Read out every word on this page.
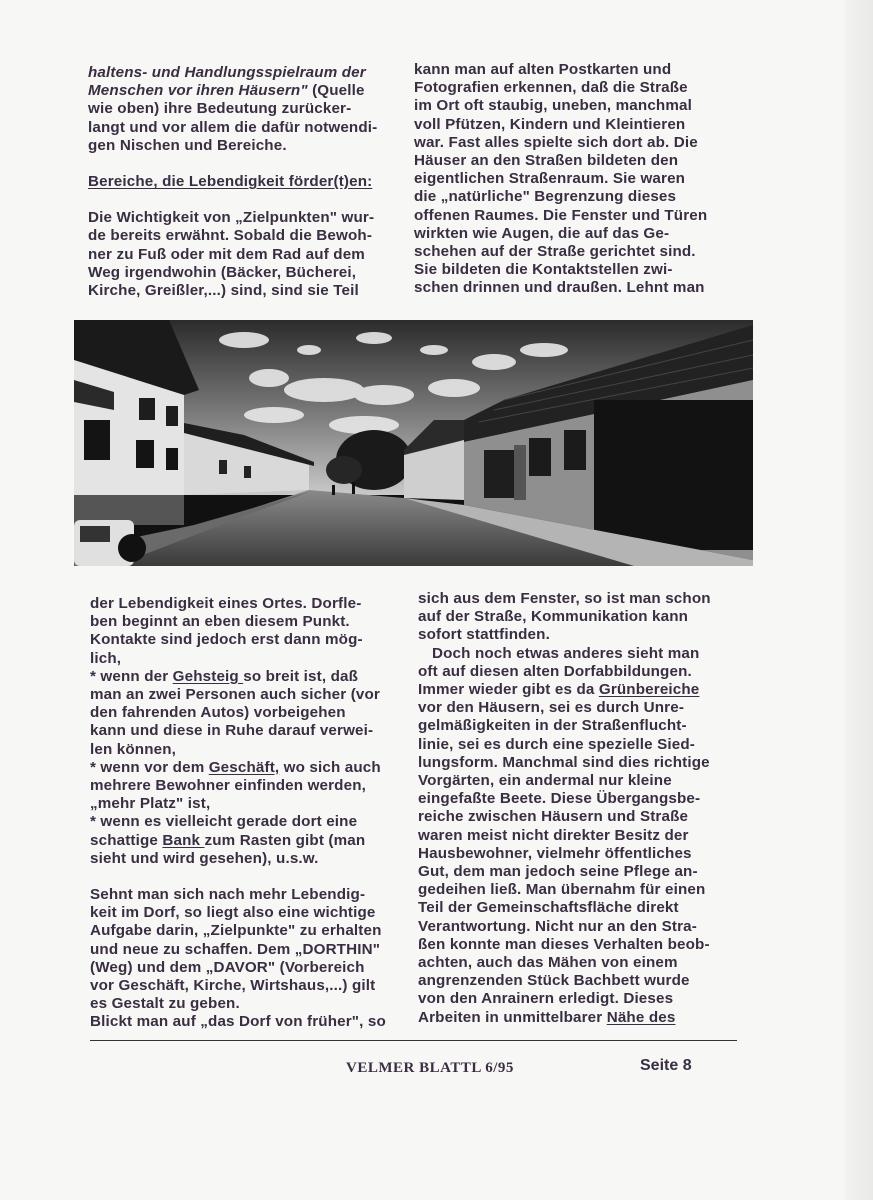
haltens- und Handlungsspielraum der
Menschen vor ihren Häusern" (Quelle
wie oben) ihre Bedeutung zurücker-
langt und vor allem die dafür notwendi-
gen Nischen und Bereiche.
Bereiche, die Lebendigkeit förder(t)en:
Die Wichtigkeit von „Zielpunkten" wur-
de bereits erwähnt. Sobald die Bewoh-
ner zu Fuß oder mit dem Rad auf dem
Weg irgendwohin (Bäcker, Bücherei,
Kirche, Greißler,...) sind, sind sie Teil
kann man auf alten Postkarten und
Fotografien erkennen, daß die Straße
im Ort oft staubig, uneben, manchmal
voll Pfützen, Kindern und Kleintieren
war. Fast alles spielte sich dort ab. Die
Häuser an den Straßen bildeten den
eigentlichen Straßenraum. Sie waren
die „natürliche" Begrenzung dieses
offenen Raumes. Die Fenster und Türen
wirkten wie Augen, die auf das Ge-
schehen auf der Straße gerichtet sind.
Sie bildeten die Kontaktstellen zwi-
schen drinnen und draußen. Lehnt man
der Lebendigkeit eines Ortes. Dorfle-
ben beginnt an eben diesem Punkt.
Kontakte sind jedoch erst dann mög-
lich,
* wenn der Gehsteig so breit ist, daß
man an zwei Personen auch sicher (vor
den fahrenden Autos) vorbeigehen
kann und diese in Ruhe darauf verwei-
len können,
* wenn vor dem Geschäft, wo sich auch
mehrere Bewohner einfinden werden,
„mehr Platz" ist,
* wenn es vielleicht gerade dort eine
schattige Bank zum Rasten gibt (man
sieht und wird gesehen), u.s.w.
Sehnt man sich nach mehr Lebendig-
keit im Dorf, so liegt also eine wichtige
Aufgabe darin, „Zielpunkte" zu erhalten
und neue zu schaffen. Dem „DORTHIN"
(Weg) und dem „DAVOR" (Vorbereich
vor Geschäft, Kirche, Wirtshaus,...) gilt
es Gestalt zu geben.
Blickt man auf „das Dorf von früher", so
sich aus dem Fenster, so ist man schon
auf der Straße, Kommunikation kann
sofort stattfinden.
Doch noch etwas anderes sieht man
oft auf diesen alten Dorfabbildungen.
Immer wieder gibt es da Grünbereiche
vor den Häusern, sei es durch Unre-
gelmäßigkeiten in der Straßenflucht-
linie, sei es durch eine spezielle Sied-
lungsform. Manchmal sind dies richtige
Vorgärten, ein andermal nur kleine
eingefaßte Beete. Diese Übergangsbe-
reiche zwischen Häusern und Straße
waren meist nicht direkter Besitz der
Hausbewohner, vielmehr öffentliches
Gut, dem man jedoch seine Pflege an-
gedeihen ließ. Man übernahm für einen
Teil der Gemeinschaftsfläche direkt
Verantwortung. Nicht nur an den Stra-
ßen konnte man dieses Verhalten beob-
achten, auch das Mähen von einem
angrenzenden Stück Bachbett wurde
von den Anrainern erledigt. Dieses
Arbeiten in unmittelbarer Nähe des
VELMER BLATTL 6/95	Seite 8
